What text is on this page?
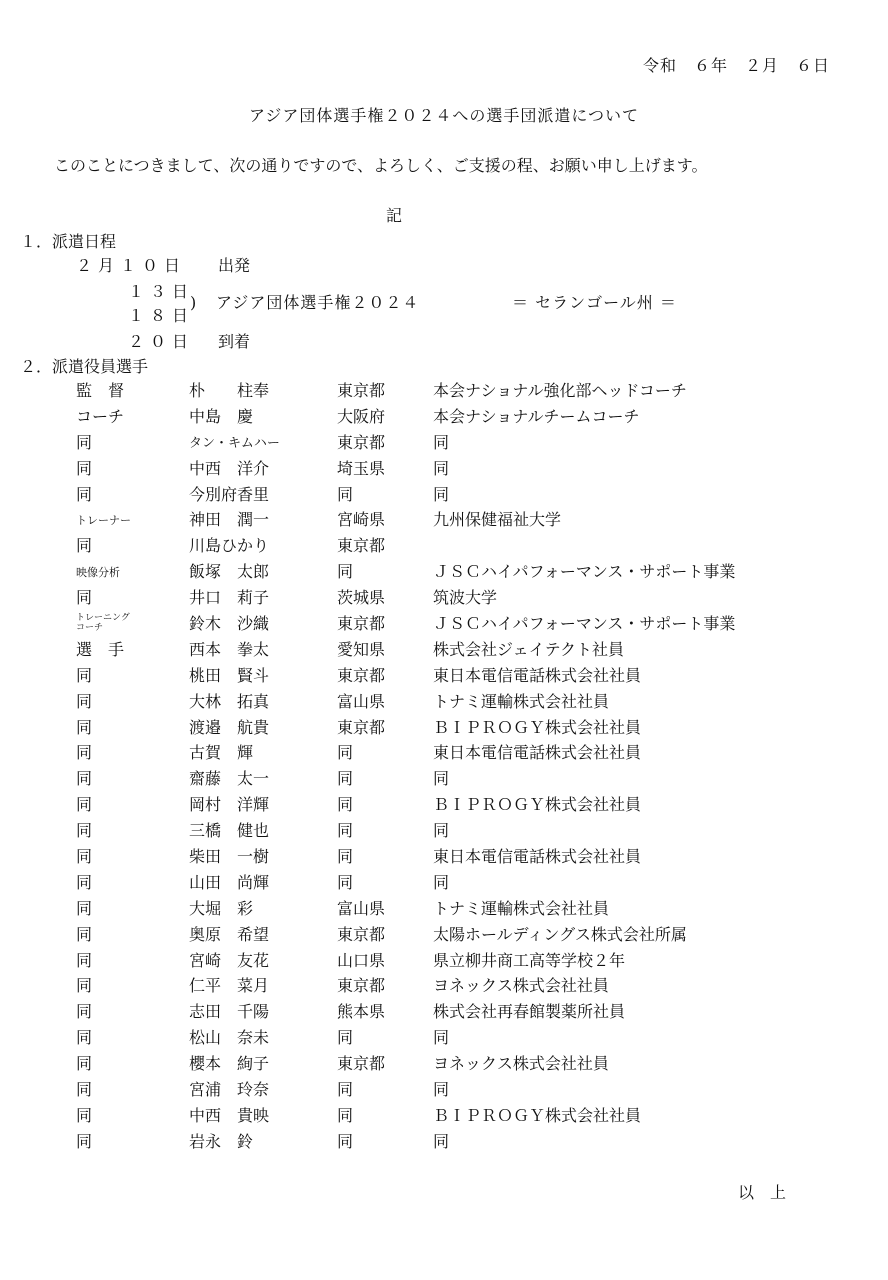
令和　６年　２月　６日
アジア団体選手権２０２４への選手団派遣について
このことにつきまして、次の通りですので、よろしく、ご支援の程、お願い申し上げます。
記
１．派遣日程
２月１０日 出発
１３日
１８日
) アジア団体選手権２０２４	＝ セランゴール州 ＝
２０日 到着
２．派遣役員選手
監　督	朴　　柱奉	東京都	本会ナショナル強化部ヘッドコーチ
コーチ	中島　慶	大阪府	本会ナショナルチームコーチ
同	タン・キムハー	東京都	同
同	中西　洋介	埼玉県	同
同	今別府香里	同	同
トレーナー	神田　潤一	宮崎県	九州保健福祉大学
同	川島ひかり	東京都	
映像分析	飯塚　太郎	同	ＪＳＣハイパフォーマンス・サポート事業
同	井口　莉子	茨城県	筑波大学
トレーニング
コーチ	鈴木　沙織	東京都	ＪＳＣハイパフォーマンス・サポート事業
選　手	西本　拳太	愛知県	株式会社ジェイテクト社員
同	桃田　賢斗	東京都	東日本電信電話株式会社社員
同	大林　拓真	富山県	トナミ運輸株式会社社員
同	渡邉　航貴	東京都	ＢＩＰＲＯＧＹ株式会社社員
同	古賀　輝	同	東日本電信電話株式会社社員
同	齋藤　太一	同	同
同	岡村　洋輝	同	ＢＩＰＲＯＧＹ株式会社社員
同	三橋　健也	同	同
同	柴田　一樹	同	東日本電信電話株式会社社員
同	山田　尚輝	同	同
同	大堀　彩	富山県	トナミ運輸株式会社社員
同	奥原　希望	東京都	太陽ホールディングス株式会社所属
同	宮崎　友花	山口県	県立柳井商工高等学校２年
同	仁平　菜月	東京都	ヨネックス株式会社社員
同	志田　千陽	熊本県	株式会社再春館製薬所社員
同	松山　奈未	同	同
同	櫻本　絢子	東京都	ヨネックス株式会社社員
同	宮浦　玲奈	同	同
同	中西　貴映	同	ＢＩＰＲＯＧＹ株式会社社員
同	岩永　鈴	同	同
以　上
